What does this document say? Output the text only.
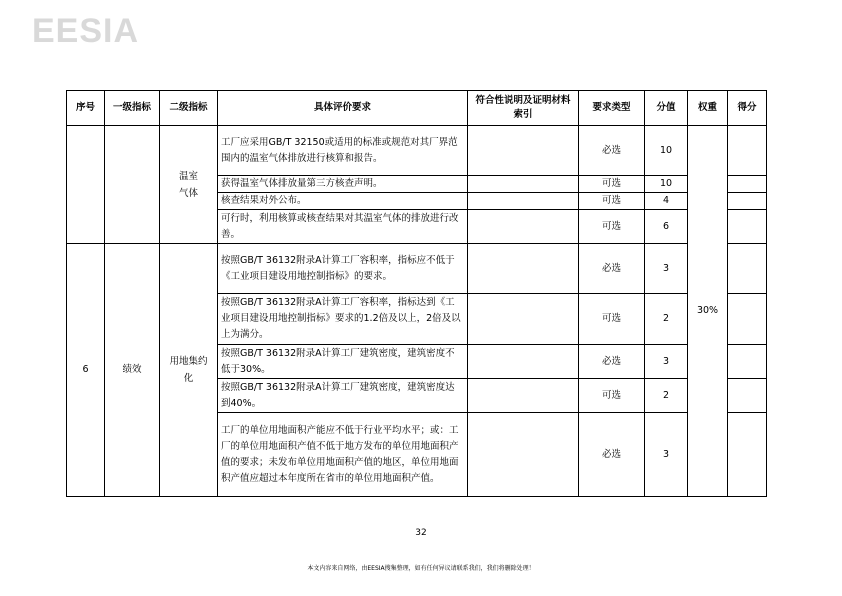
EESIA
序号	一级指标	二级指标	具体评价要求	符合性说明及证明材料索引	要求类型	分值	权重	得分

		温室气体	工厂应采用GB/T 32150或适用的标准或规范对其厂界范围内的温室气体排放进行核算和报告。		必选	10	30%	
			获得温室气体排放量第三方核查声明。		可选	10		
			核查结果对外公布。		可选	4		
			可行时，利用核算或核查结果对其温室气体的排放进行改善。		可选	6		
6	绩效	用地集约化	按照GB/T 36132附录A计算工厂容积率，指标应不低于《工业项目建设用地控制指标》的要求。		必选	3		
			按照GB/T 36132附录A计算工厂容积率，指标达到《工业项目建设用地控制指标》要求的1.2倍及以上，2倍及以上为满分。		可选	2		
			按照GB/T 36132附录A计算工厂建筑密度，建筑密度不低于30%。		必选	3		
			按照GB/T 36132附录A计算工厂建筑密度，建筑密度达到40%。		可选	2		
			工厂的单位用地面积产能应不低于行业平均水平；或：工厂的单位用地面积产值不低于地方发布的单位用地面积产值的要求；未发布单位用地面积产值的地区，单位用地面积产值应超过本年度所在省市的单位用地面积产值。		必选	3		
32
本文内容来自网络，由EESIA搜集整理，如有任何异议请联系我们，我们将删除处理！
